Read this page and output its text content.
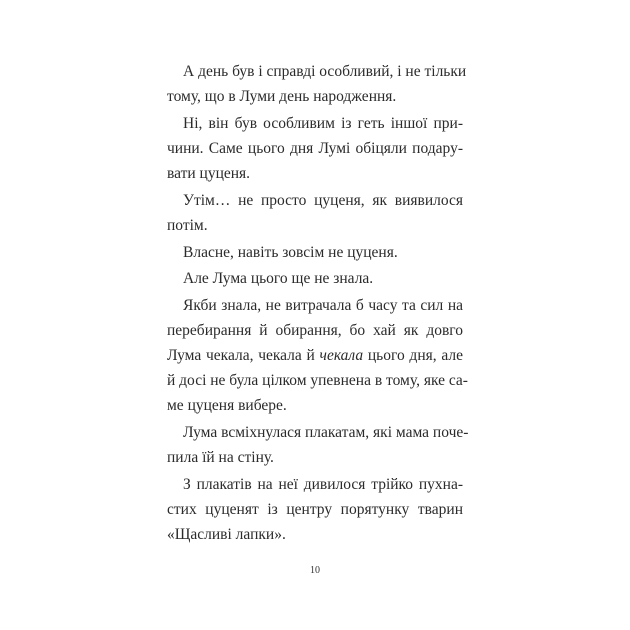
А день був і справді особливий, і не тільки
тому, що в Луми день народження.
Ні, він був особливим із геть іншої при-
чини. Саме цього дня Лумі обіцяли подару-
вати цуценя.
Утім… не просто цуценя, як виявилося
потім.
Власне, навіть зовсім не цуценя.
Але Лума цього ще не знала.
Якби знала, не витрачала б часу та сил на
перебирання й обирання, бо хай як довго
Лума чекала, чекала й чекала цього дня, але
й досі не була цілком упевнена в тому, яке са-
ме цуценя вибере.
Лума всміхнулася плакатам, які мама поче-
пила їй на стіну.
З плакатів на неї дивилося трійко пухна-
стих цуценят із центру порятунку тварин
«Щасливі лапки».
10
